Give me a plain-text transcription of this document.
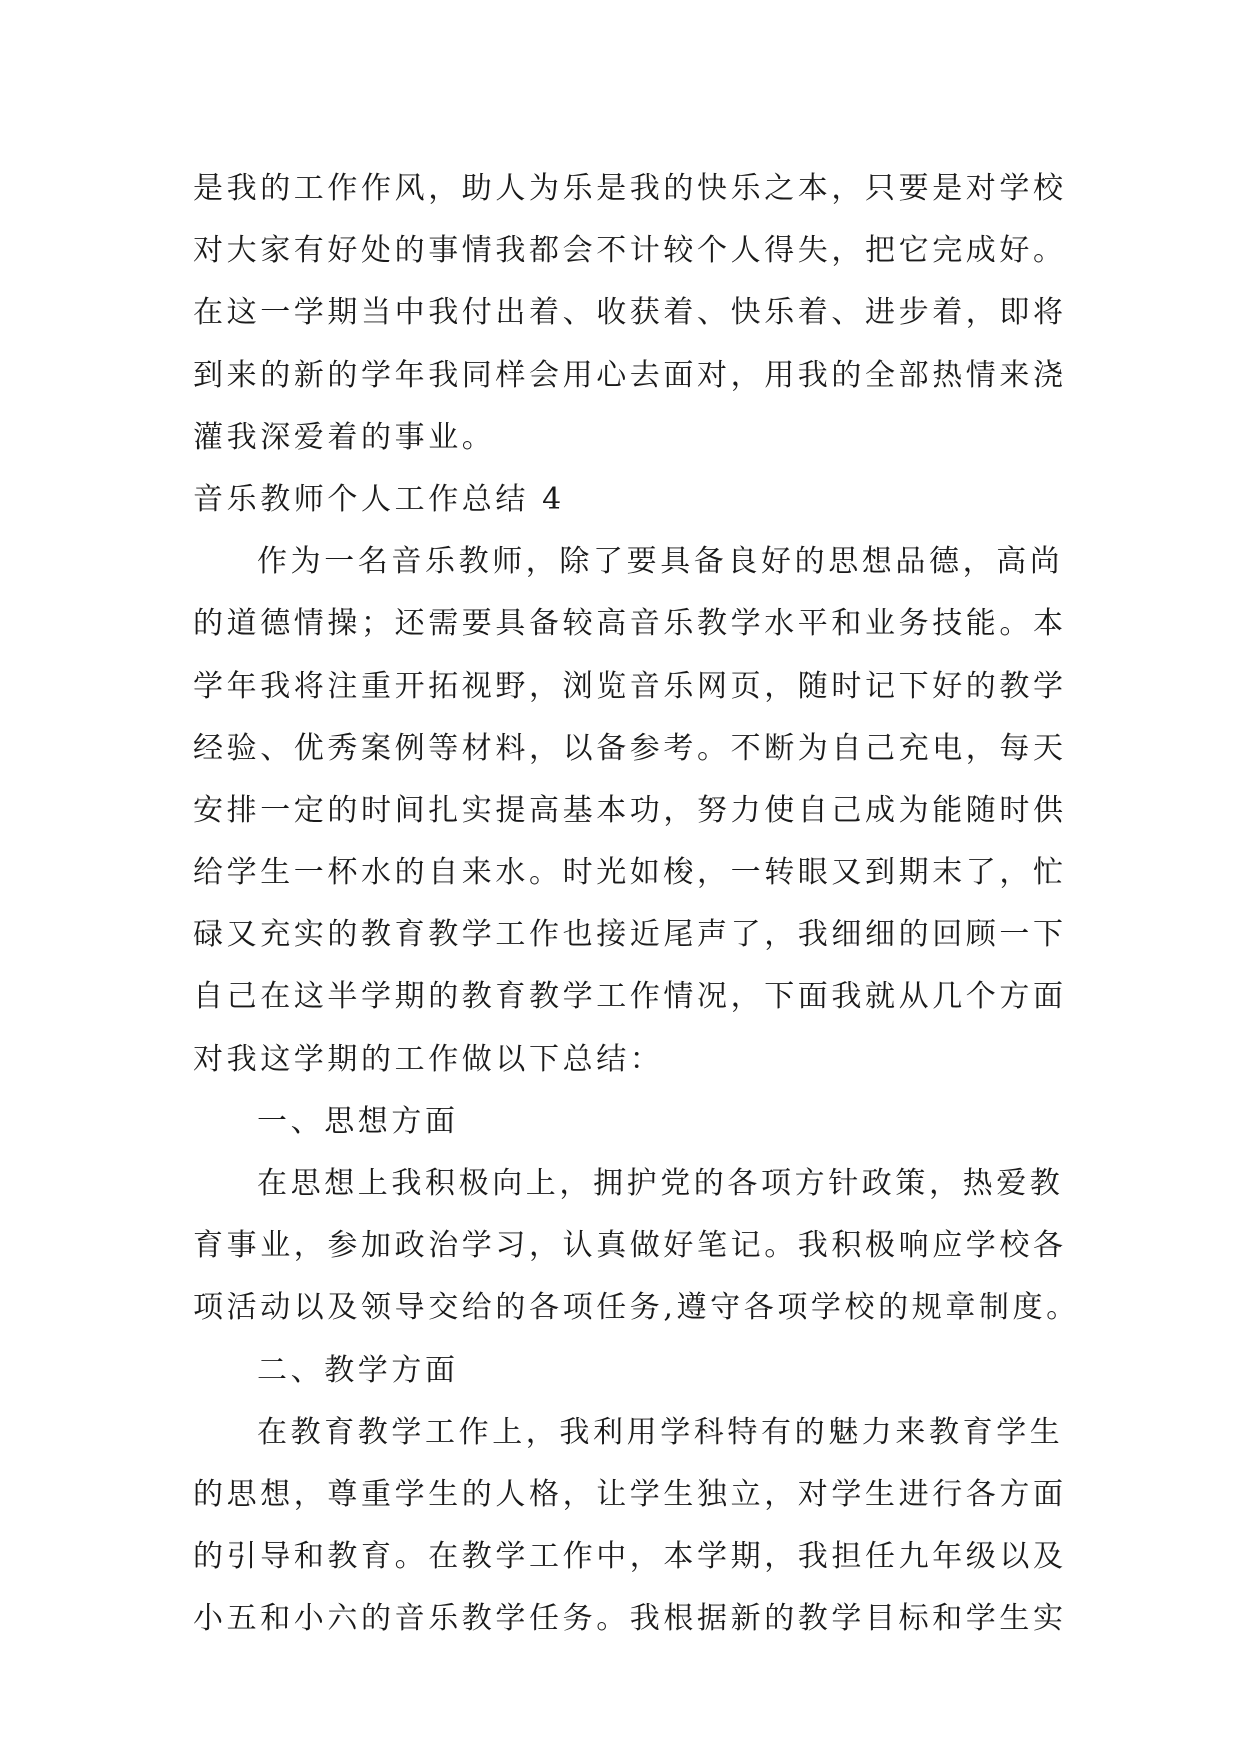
是我的工作作风，助人为乐是我的快乐之本，只要是对学校
对大家有好处的事情我都会不计较个人得失，把它完成好。
在这一学期当中我付出着、收获着、快乐着、进步着，即将
到来的新的学年我同样会用心去面对，用我的全部热情来浇
灌我深爱着的事业。
音乐教师个人工作总结 4
作为一名音乐教师，除了要具备良好的思想品德，高尚
的道德情操；还需要具备较高音乐教学水平和业务技能。本
学年我将注重开拓视野，浏览音乐网页，随时记下好的教学
经验、优秀案例等材料，以备参考。不断为自己充电，每天
安排一定的时间扎实提高基本功，努力使自己成为能随时供
给学生一杯水的自来水。时光如梭，一转眼又到期末了，忙
碌又充实的教育教学工作也接近尾声了，我细细的回顾一下
自己在这半学期的教育教学工作情况，下面我就从几个方面
对我这学期的工作做以下总结：
一、思想方面
在思想上我积极向上，拥护党的各项方针政策，热爱教
育事业，参加政治学习，认真做好笔记。我积极响应学校各
项活动以及领导交给的各项任务,遵守各项学校的规章制度。
二、教学方面
在教育教学工作上，我利用学科特有的魅力来教育学生
的思想，尊重学生的人格，让学生独立，对学生进行各方面
的引导和教育。在教学工作中，本学期，我担任九年级以及
小五和小六的音乐教学任务。我根据新的教学目标和学生实
